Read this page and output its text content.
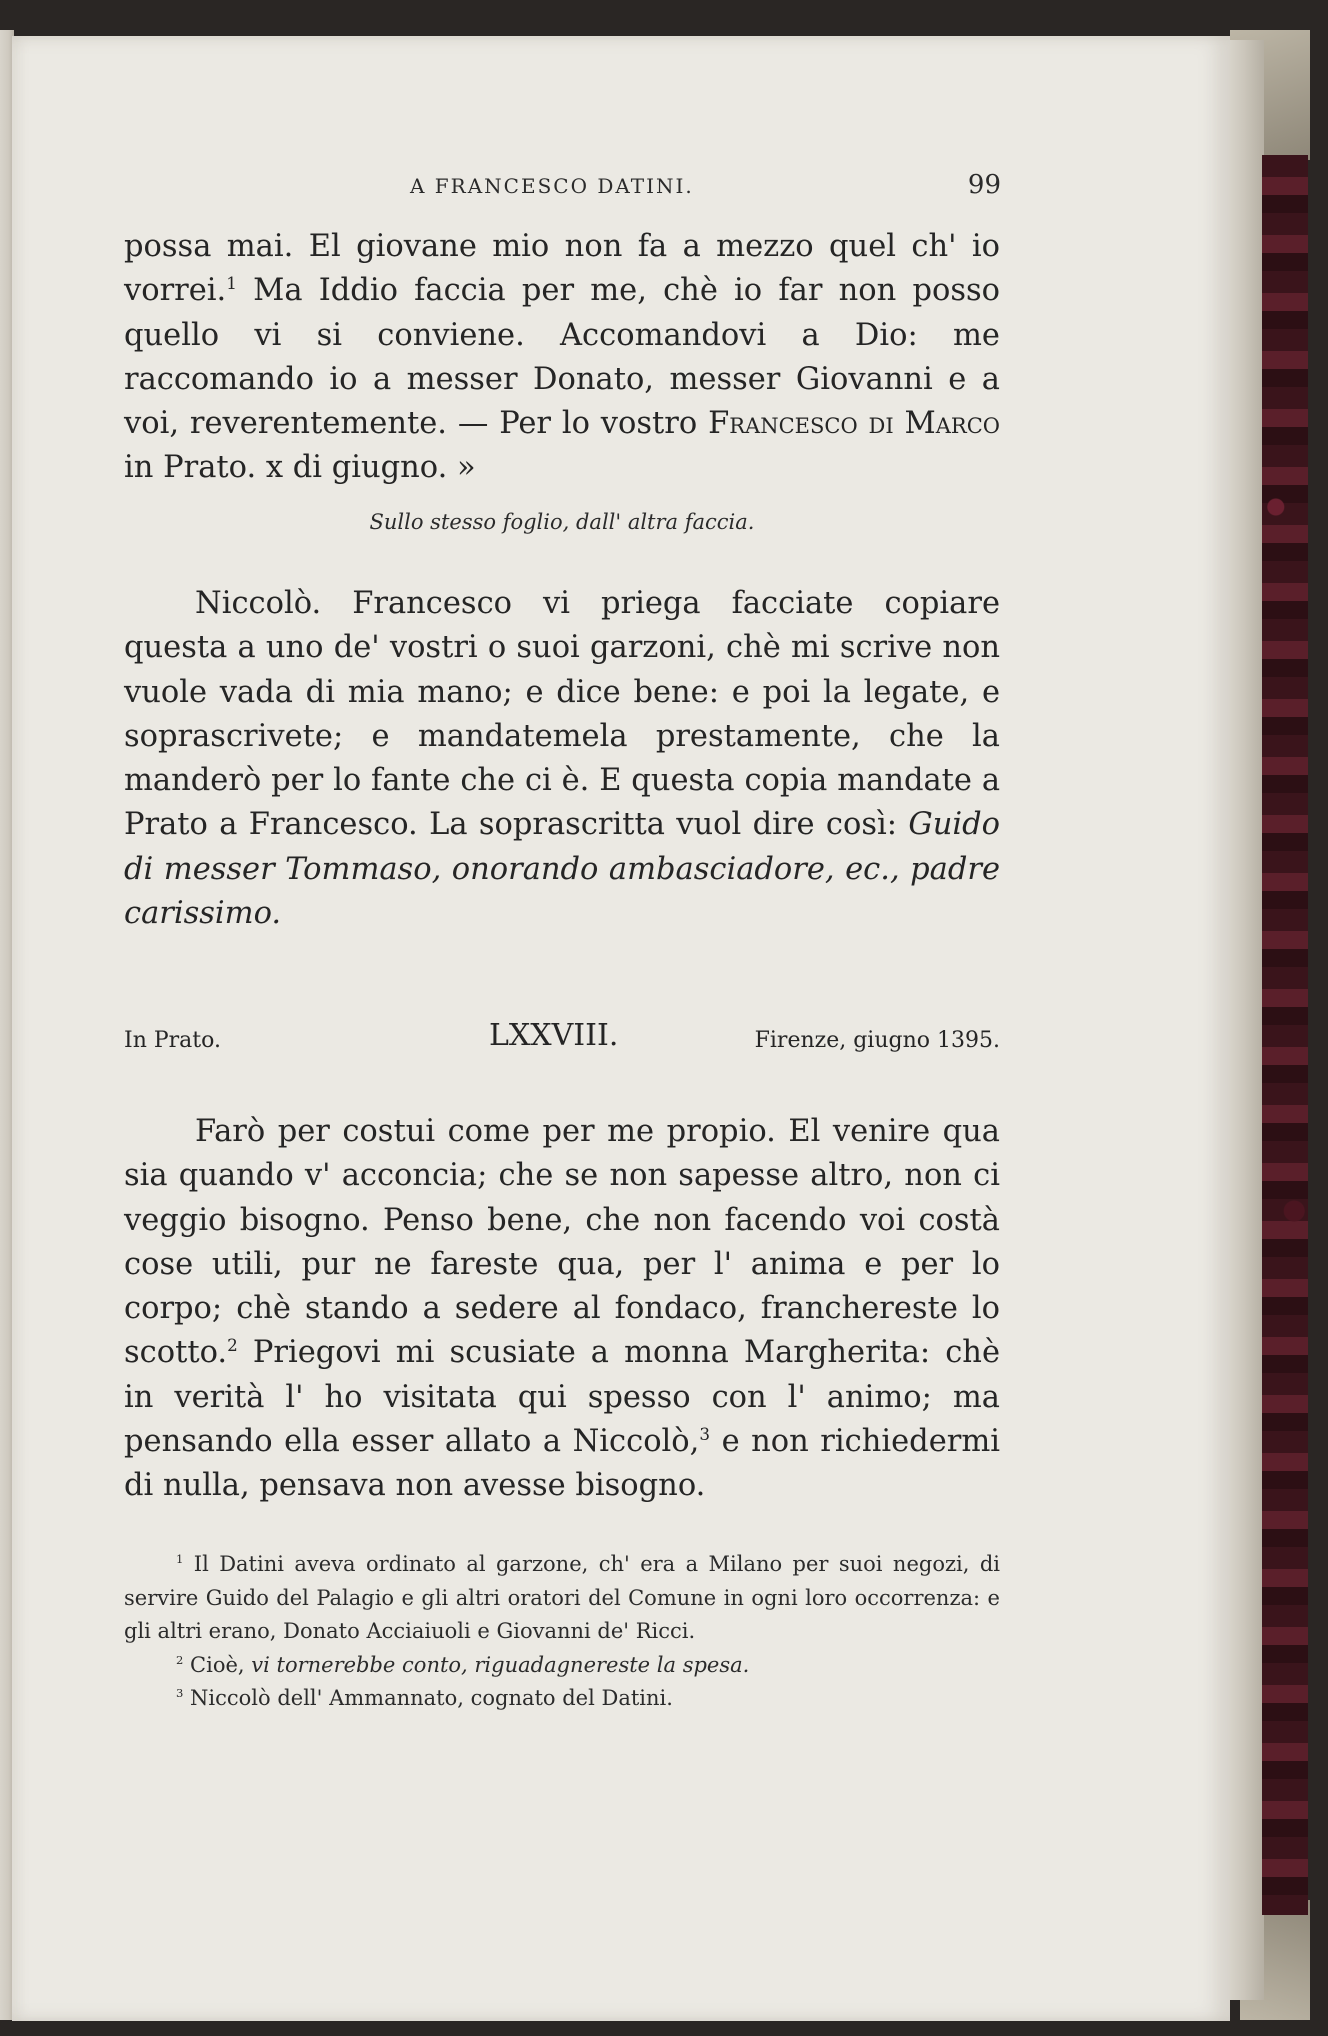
A FRANCESCO DATINI.	99

possa mai. El giovane mio non fa a mezzo quel ch' io vorrei.$^1$ Ma Iddio faccia per me, chè io far non posso quello vi si conviene. Accomandovi a Dio: me raccomando io a messer Donato, messer Giovanni e a voi, reverentemente. — Per lo vostro Francesco di Marco in Prato. x di giugno. »

Sullo stesso foglio, dall' altra faccia.

Niccolò. Francesco vi priega facciate copiare questa a uno de' vostri o suoi garzoni, chè mi scrive non vuole vada di mia mano; e dice bene: e poi la legate, e soprascrivete; e mandatemela prestamente, che la manderò per lo fante che ci è. E questa copia mandate a Prato a Francesco. La soprascritta vuol dire così: Guido di messer Tommaso, onorando ambasciadore, ec., padre carissimo.

In Prato.	LXXVIII.	Firenze, giugno 1395.

Farò per costui come per me propio. El venire qua sia quando v' acconcia; che se non sapesse altro, non ci veggio bisogno. Penso bene, che non facendo voi costà cose utili, pur ne fareste qua, per l' anima e per lo corpo; chè stando a sedere al fondaco, franchereste lo scotto.$^2$ Priegovi mi scusiate a monna Margherita: chè in verità l' ho visitata qui spesso con l' animo; ma pensando ella esser allato a Niccolò,$^3$ e non richiedermi di nulla, pensava non avesse bisogno.

$^1$ Il Datini aveva ordinato al garzone, ch' era a Milano per suoi negozi, di servire Guido del Palagio e gli altri oratori del Comune in ogni loro occorrenza: e gli altri erano, Donato Acciaiuoli e Giovanni de' Ricci.

$^2$ Cioè, vi tornerebbe conto, riguadagnereste la spesa.

$^3$ Niccolò dell' Ammannato, cognato del Datini.
